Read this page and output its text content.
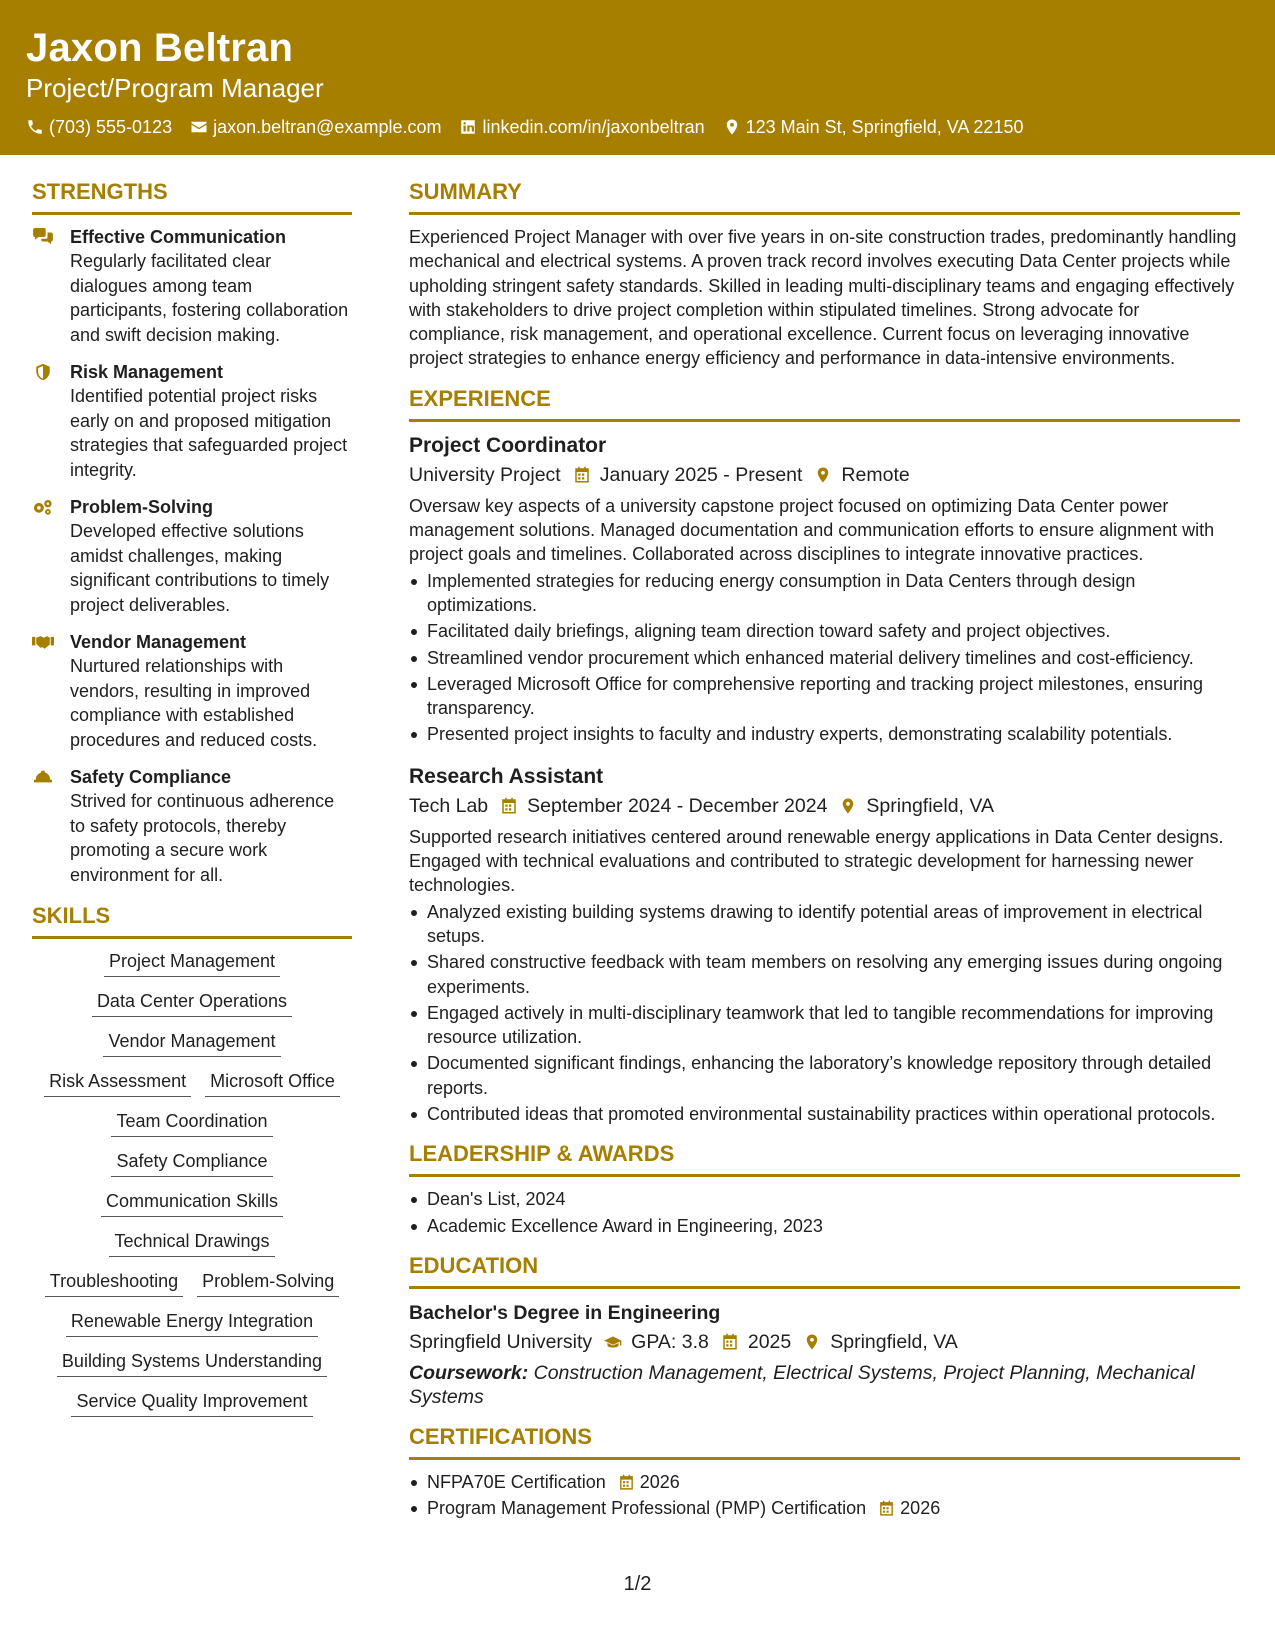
Jaxon Beltran
Project/Program Manager
(703) 555-0123 jaxon.beltran@example.com linkedin.com/in/jaxonbeltran 123 Main St, Springfield, VA 22150
STRENGTHS
Effective Communication
Regularly facilitated clear dialogues among team participants, fostering collaboration and swift decision making.
Risk Management
Identified potential project risks early on and proposed mitigation strategies that safeguarded project integrity.
Problem-Solving
Developed effective solutions amidst challenges, making significant contributions to timely project deliverables.
Vendor Management
Nurtured relationships with vendors, resulting in improved compliance with established procedures and reduced costs.
Safety Compliance
Strived for continuous adherence to safety protocols, thereby promoting a secure work environment for all.
SKILLS
Project Management
Data Center Operations
Vendor Management
Risk Assessment Microsoft Office
Team Coordination
Safety Compliance
Communication Skills
Technical Drawings
Troubleshooting Problem-Solving
Renewable Energy Integration
Building Systems Understanding
Service Quality Improvement
SUMMARY
Experienced Project Manager with over five years in on-site construction trades, predominantly handling mechanical and electrical systems. A proven track record involves executing Data Center projects while upholding stringent safety standards. Skilled in leading multi-disciplinary teams and engaging effectively with stakeholders to drive project completion within stipulated timelines. Strong advocate for compliance, risk management, and operational excellence. Current focus on leveraging innovative project strategies to enhance energy efficiency and performance in data-intensive environments.
EXPERIENCE
Project Coordinator
University Project January 2025 - Present Remote
Oversaw key aspects of a university capstone project focused on optimizing Data Center power management solutions. Managed documentation and communication efforts to ensure alignment with project goals and timelines. Collaborated across disciplines to integrate innovative practices.
Implemented strategies for reducing energy consumption in Data Centers through design optimizations.
Facilitated daily briefings, aligning team direction toward safety and project objectives.
Streamlined vendor procurement which enhanced material delivery timelines and cost-efficiency.
Leveraged Microsoft Office for comprehensive reporting and tracking project milestones, ensuring transparency.
Presented project insights to faculty and industry experts, demonstrating scalability potentials.
Research Assistant
Tech Lab September 2024 - December 2024 Springfield, VA
Supported research initiatives centered around renewable energy applications in Data Center designs. Engaged with technical evaluations and contributed to strategic development for harnessing newer technologies.
Analyzed existing building systems drawing to identify potential areas of improvement in electrical setups.
Shared constructive feedback with team members on resolving any emerging issues during ongoing experiments.
Engaged actively in multi-disciplinary teamwork that led to tangible recommendations for improving resource utilization.
Documented significant findings, enhancing the laboratory’s knowledge repository through detailed reports.
Contributed ideas that promoted environmental sustainability practices within operational protocols.
LEADERSHIP & AWARDS
Dean's List, 2024
Academic Excellence Award in Engineering, 2023
EDUCATION
Bachelor's Degree in Engineering
Springfield University GPA: 3.8 2025 Springfield, VA
Coursework: Construction Management, Electrical Systems, Project Planning, Mechanical Systems
CERTIFICATIONS
NFPA70E Certification 2026
Program Management Professional (PMP) Certification 2026
1/2
